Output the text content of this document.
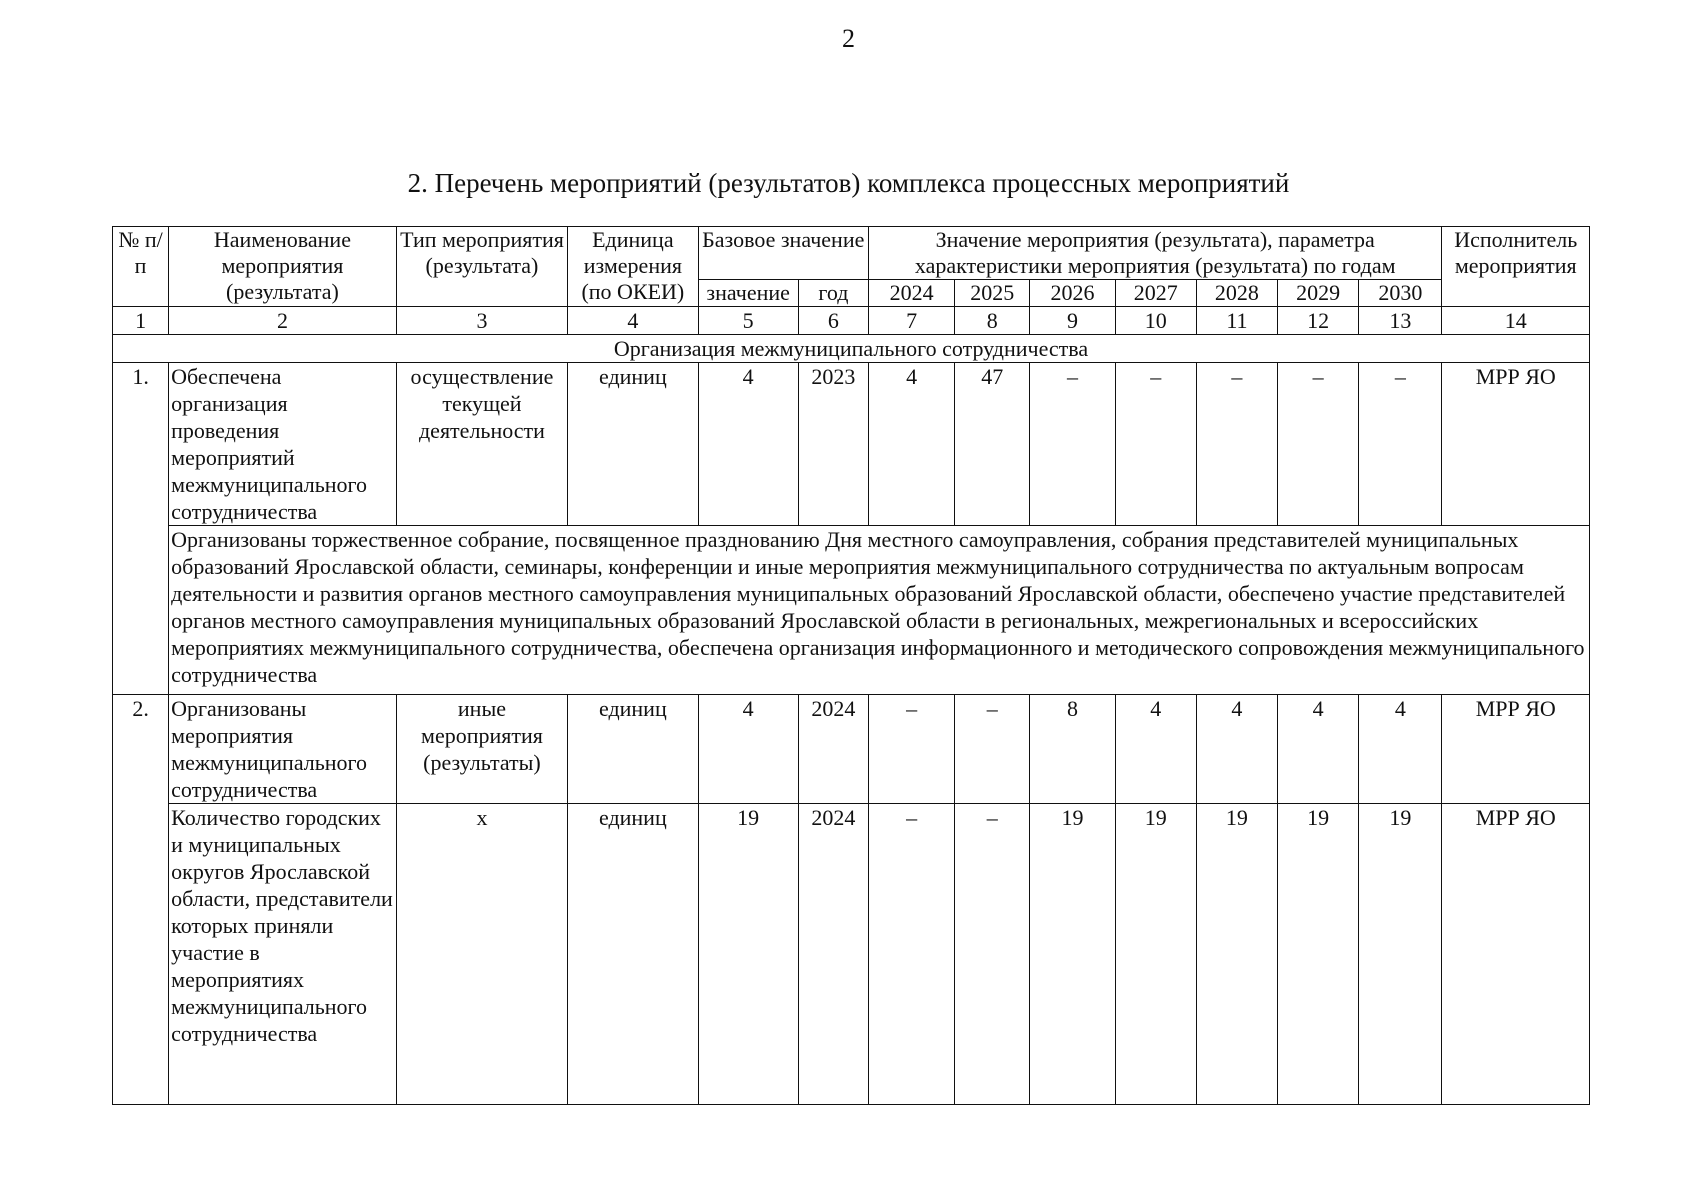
2
2. Перечень мероприятий (результатов) комплекса процессных мероприятий
№ п/п	Наименование мероприятия (результата)	Тип мероприятия (результата)	Единица измерения (по ОКЕИ)	Базовое значение		Значение мероприятия (результата), параметра характеристики мероприятия (результата) по годам							Исполнитель мероприятия

				значение	год	2024	2025	2026	2027	2028	2029	2030	
1	2	3	4	5	6	7	8	9	10	11	12	13	14
Организация межмуниципального сотрудничества													
1.	Обеспечена организация проведения мероприятий межмуниципального сотрудничества	осуществление текущей деятельности	единиц	4	2023	4	47	–	–	–	–	–	МРР ЯО

	Организованы торжественное собрание, посвященное празднованию Дня местного самоуправления, собрания представителей муниципальных образований Ярославской области, семинары, конференции и иные мероприятия межмуниципального сотрудничества по актуальным вопросам деятельности и развития органов местного самоуправления муниципальных образований Ярославской области, обеспечено участие представителей органов местного самоуправления муниципальных образований Ярославской области в региональных, межрегиональных и всероссийских мероприятиях межмуниципального сотрудничества, обеспечена организация информационного и методического сопровождения межмуниципального сотрудничества												

2.	Организованы мероприятия межмуниципального сотрудничества	иные мероприятия (результаты)	единиц	4	2024	–	–	8	4	4	4	4	МРР ЯО
	Количество городских и муниципальных округов Ярославской области, представители которых приняли участие в мероприятиях межмуниципального сотрудничества	х	единиц	19	2024	–	–	19	19	19	19	19	МРР ЯО
